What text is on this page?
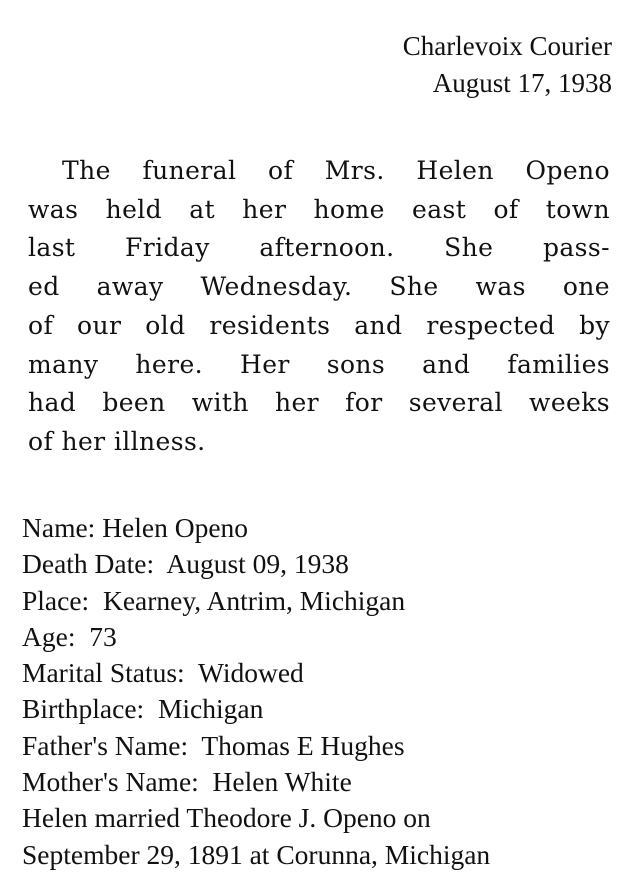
Charlevoix Courier
August 17, 1938
The funeral of Mrs. Helen Openo
was held at her home east of town
last Friday afternoon. She pass-
ed away Wednesday. She was one
of our old residents and respected by
many here. Her sons and families
had been with her for several weeks
of her illness.
Name: Helen Openo
Death Date: August 09, 1938
Place: Kearney, Antrim, Michigan
Age: 73
Marital Status: Widowed
Birthplace: Michigan
Father's Name: Thomas E Hughes
Mother's Name: Helen White
Helen married Theodore J. Openo on
September 29, 1891 at Corunna, Michigan
